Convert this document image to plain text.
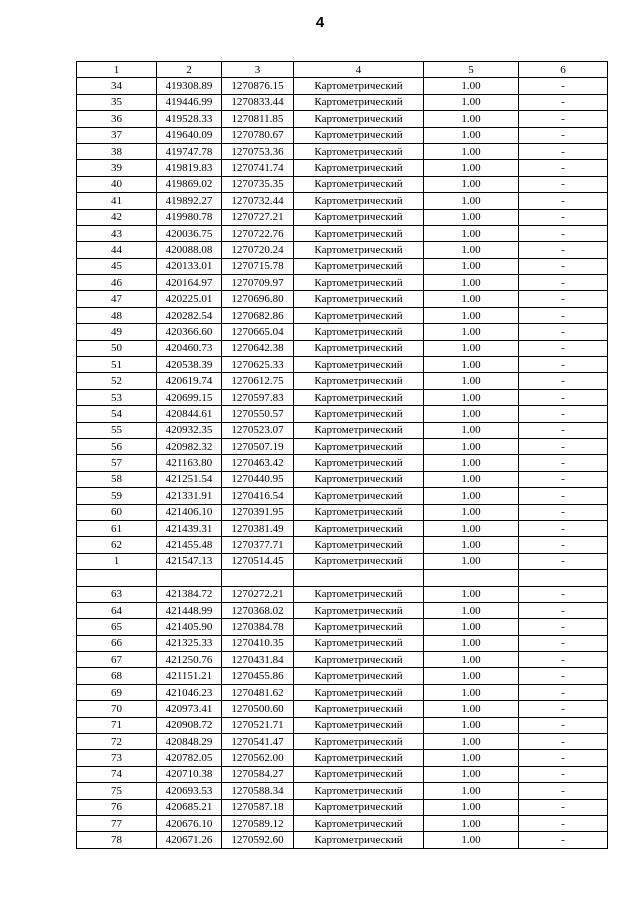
4
1	2	3	4	5	6
34	419308.89	1270876.15	Картометрический	1.00	-
35	419446.99	1270833.44	Картометрический	1.00	-
36	419528.33	1270811.85	Картометрический	1.00	-
37	419640.09	1270780.67	Картометрический	1.00	-
38	419747.78	1270753.36	Картометрический	1.00	-
39	419819.83	1270741.74	Картометрический	1.00	-
40	419869.02	1270735.35	Картометрический	1.00	-
41	419892.27	1270732.44	Картометрический	1.00	-
42	419980.78	1270727.21	Картометрический	1.00	-
43	420036.75	1270722.76	Картометрический	1.00	-
44	420088.08	1270720.24	Картометрический	1.00	-
45	420133.01	1270715.78	Картометрический	1.00	-
46	420164.97	1270709.97	Картометрический	1.00	-
47	420225.01	1270696.80	Картометрический	1.00	-
48	420282.54	1270682.86	Картометрический	1.00	-
49	420366.60	1270665.04	Картометрический	1.00	-
50	420460.73	1270642.38	Картометрический	1.00	-
51	420538.39	1270625.33	Картометрический	1.00	-
52	420619.74	1270612.75	Картометрический	1.00	-
53	420699.15	1270597.83	Картометрический	1.00	-
54	420844.61	1270550.57	Картометрический	1.00	-
55	420932.35	1270523.07	Картометрический	1.00	-
56	420982.32	1270507.19	Картометрический	1.00	-
57	421163.80	1270463.42	Картометрический	1.00	-
58	421251.54	1270440.95	Картометрический	1.00	-
59	421331.91	1270416.54	Картометрический	1.00	-
60	421406.10	1270391.95	Картометрический	1.00	-
61	421439.31	1270381.49	Картометрический	1.00	-
62	421455.48	1270377.71	Картометрический	1.00	-
1	421547.13	1270514.45	Картометрический	1.00	-

63	421384.72	1270272.21	Картометрический	1.00	-
64	421448.99	1270368.02	Картометрический	1.00	-
65	421405.90	1270384.78	Картометрический	1.00	-
66	421325.33	1270410.35	Картометрический	1.00	-
67	421250.76	1270431.84	Картометрический	1.00	-
68	421151.21	1270455.86	Картометрический	1.00	-
69	421046.23	1270481.62	Картометрический	1.00	-
70	420973.41	1270500.60	Картометрический	1.00	-
71	420908.72	1270521.71	Картометрический	1.00	-
72	420848.29	1270541.47	Картометрический	1.00	-
73	420782.05	1270562.00	Картометрический	1.00	-
74	420710.38	1270584.27	Картометрический	1.00	-
75	420693.53	1270588.34	Картометрический	1.00	-
76	420685.21	1270587.18	Картометрический	1.00	-
77	420676.10	1270589.12	Картометрический	1.00	-
78	420671.26	1270592.60	Картометрический	1.00	-
